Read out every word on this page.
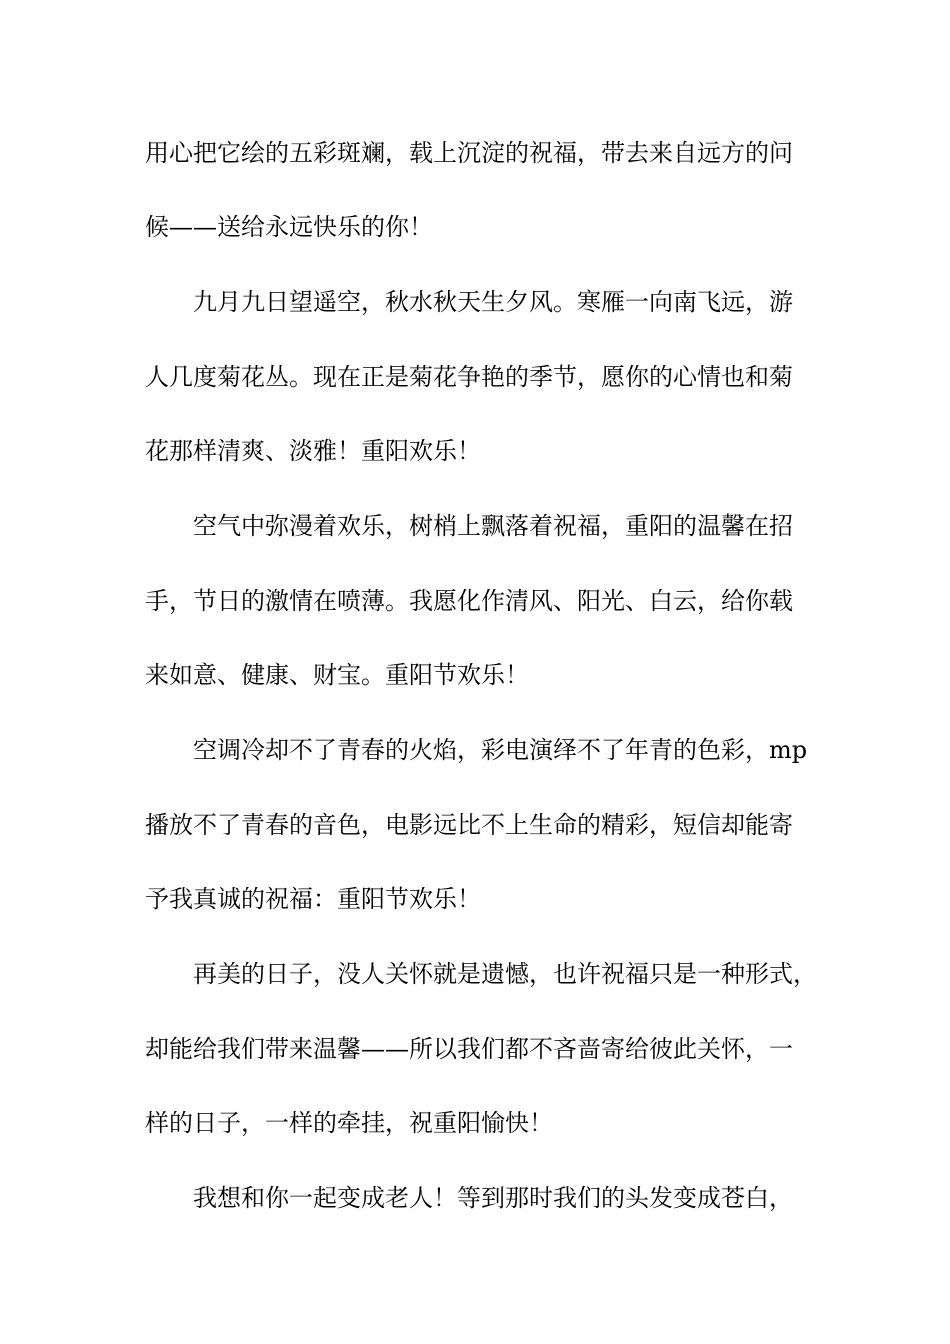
用心把它绘的五彩斑斓，载上沉淀的祝福，带去来自远方的问
候——送给永远快乐的你！
九月九日望遥空，秋水秋天生夕风。寒雁一向南飞远，游
人几度菊花丛。现在正是菊花争艳的季节，愿你的心情也和菊
花那样清爽、淡雅！重阳欢乐！
空气中弥漫着欢乐，树梢上飘落着祝福，重阳的温馨在招
手，节日的激情在喷薄。我愿化作清风、阳光、白云，给你载
来如意、健康、财宝。重阳节欢乐！
空调冷却不了青春的火焰，彩电演绎不了年青的色彩，mp
播放不了青春的音色，电影远比不上生命的精彩，短信却能寄
予我真诚的祝福：重阳节欢乐！
再美的日子，没人关怀就是遗憾，也许祝福只是一种形式，
却能给我们带来温馨——所以我们都不吝啬寄给彼此关怀，一
样的日子，一样的牵挂，祝重阳愉快！
我想和你一起变成老人！等到那时我们的头发变成苍白，
